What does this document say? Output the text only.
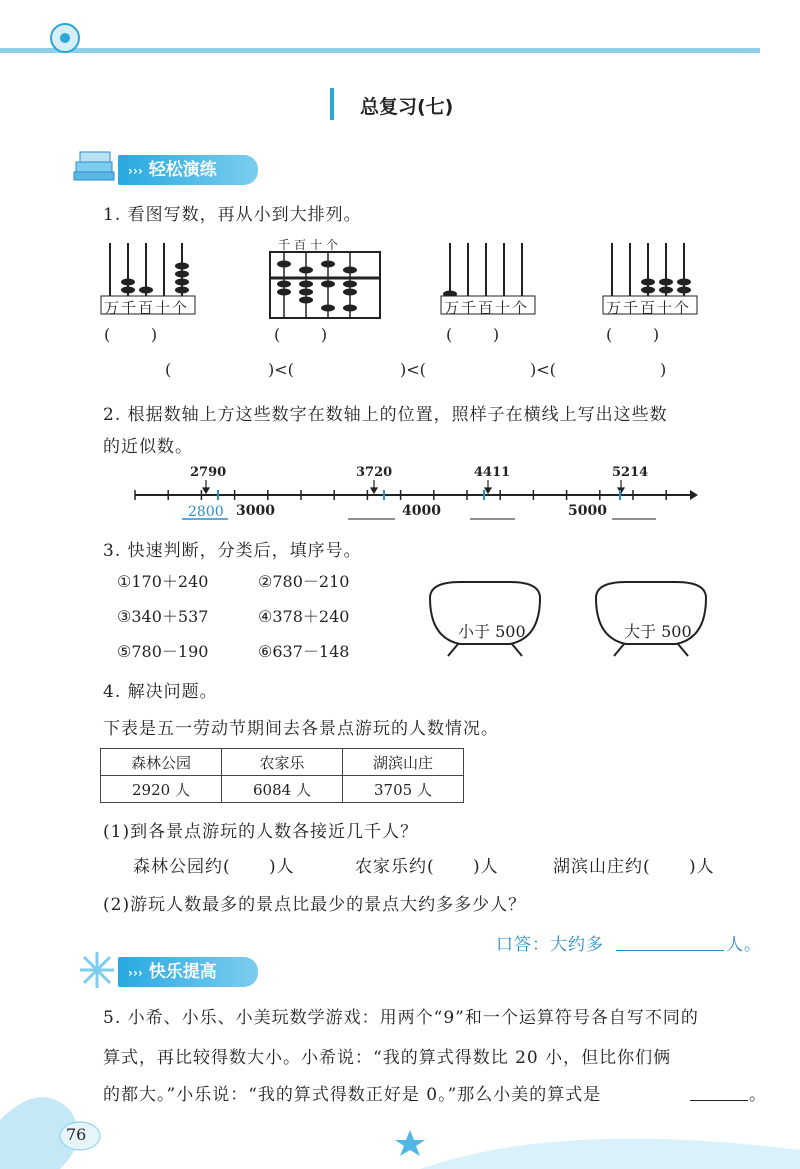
总复习(七)
››› 轻松演练
1. 看图写数，再从小到大排列。
万千百十个
千百十个
万千百十个	万千百十个
(        )	(        )	(        )	(        )
(	)<(	)<(	)<(	)
2. 根据数轴上方这些数字在数轴上的位置，照样子在横线上写出这些数
的近似数。
2790	3720	4411	5214
3000	4000	5000
2800
3. 快速判断，分类后，填序号。
①170＋240	②780－210
③340＋537	④378＋240
⑤780－190	⑥637－148
小于 500	大于 500
4. 解决问题。
下表是五一劳动节期间去各景点游玩的人数情况。
森林公园	农家乐	湖滨山庄
2920 人	6084 人	3705 人
(1)到各景点游玩的人数各接近几千人？
森林公园约(      )人	农家乐约(      )人	湖滨山庄约(      )人
(2)游玩人数最多的景点比最少的景点大约多多少人？
口答：大约多	人。
››› 快乐提高
5. 小希、小乐、小美玩数学游戏：用两个“9”和一个运算符号各自写不同的
算式，再比较得数大小。小希说：“我的算式得数比 20 小，但比你们俩
的都大。”小乐说：“我的算式得数正好是 0。”那么小美的算式是	。
76
